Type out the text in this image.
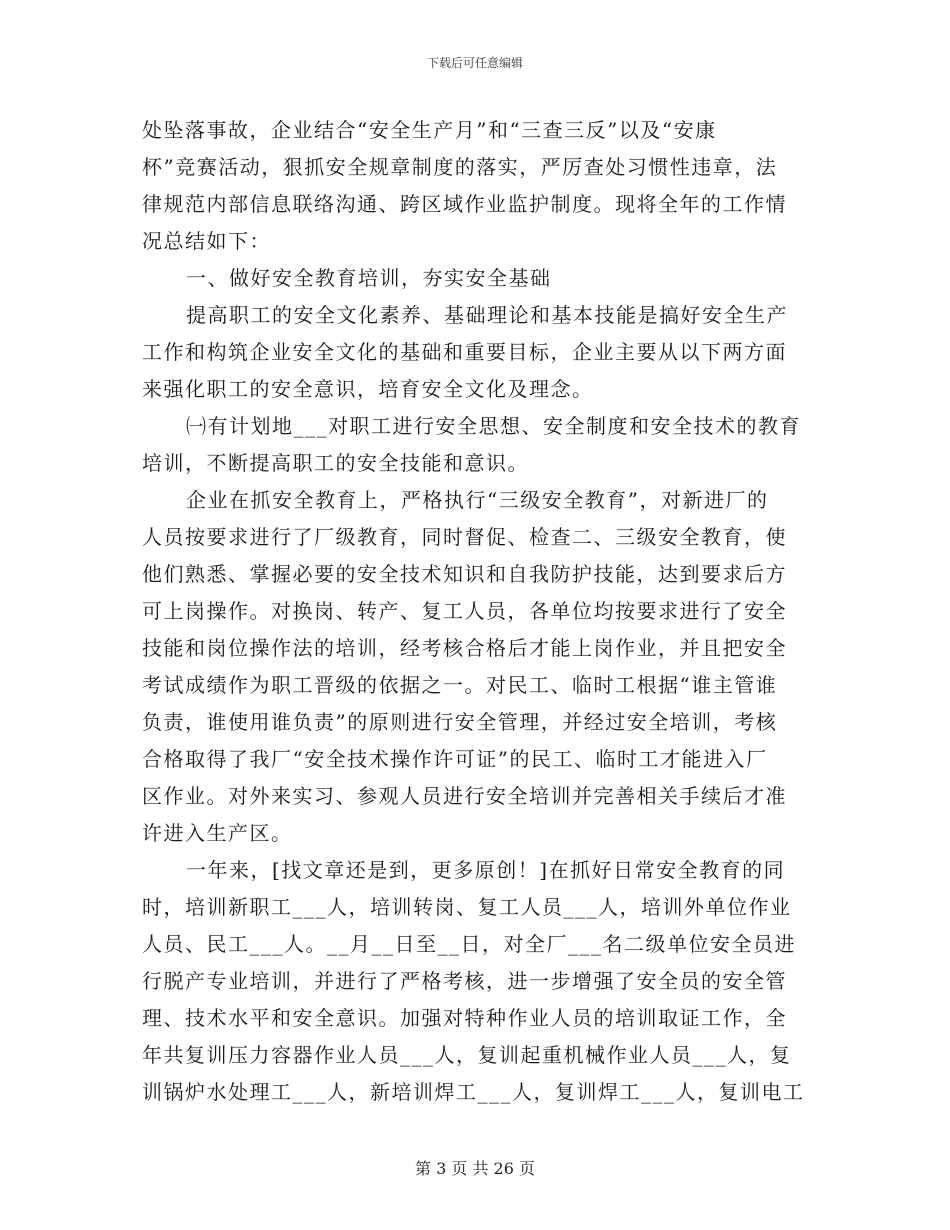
下载后可任意编辑
处坠落事故，企业结合“安全生产月”和“三查三反”以及“安康
杯”竞赛活动，狠抓安全规章制度的落实，严厉查处习惯性违章，法
律规范内部信息联络沟通、跨区域作业监护制度。现将全年的工作情
况总结如下：
一、做好安全教育培训，夯实安全基础
提高职工的安全文化素养、基础理论和基本技能是搞好安全生产
工作和构筑企业安全文化的基础和重要目标，企业主要从以下两方面
来强化职工的安全意识，培育安全文化及理念。
㈠有计划地___对职工进行安全思想、安全制度和安全技术的教育
培训，不断提高职工的安全技能和意识。
企业在抓安全教育上，严格执行“三级安全教育”，对新进厂的
人员按要求进行了厂级教育，同时督促、检查二、三级安全教育，使
他们熟悉、掌握必要的安全技术知识和自我防护技能，达到要求后方
可上岗操作。对换岗、转产、复工人员，各单位均按要求进行了安全
技能和岗位操作法的培训，经考核合格后才能上岗作业，并且把安全
考试成绩作为职工晋级的依据之一。对民工、临时工根据“谁主管谁
负责，谁使用谁负责”的原则进行安全管理，并经过安全培训，考核
合格取得了我厂“安全技术操作许可证”的民工、临时工才能进入厂
区作业。对外来实习、参观人员进行安全培训并完善相关手续后才准
许进入生产区。
一年来，[找文章还是到，更多原创！]在抓好日常安全教育的同
时，培训新职工___人，培训转岗、复工人员___人，培训外单位作业
人员、民工___人。__月__日至__日，对全厂___名二级单位安全员进
行脱产专业培训，并进行了严格考核，进一步增强了安全员的安全管
理、技术水平和安全意识。加强对特种作业人员的培训取证工作，全
年共复训压力容器作业人员___人，复训起重机械作业人员___人，复
训锅炉水处理工___人，新培训焊工___人，复训焊工___人，复训电工
第 3 页 共 26 页
